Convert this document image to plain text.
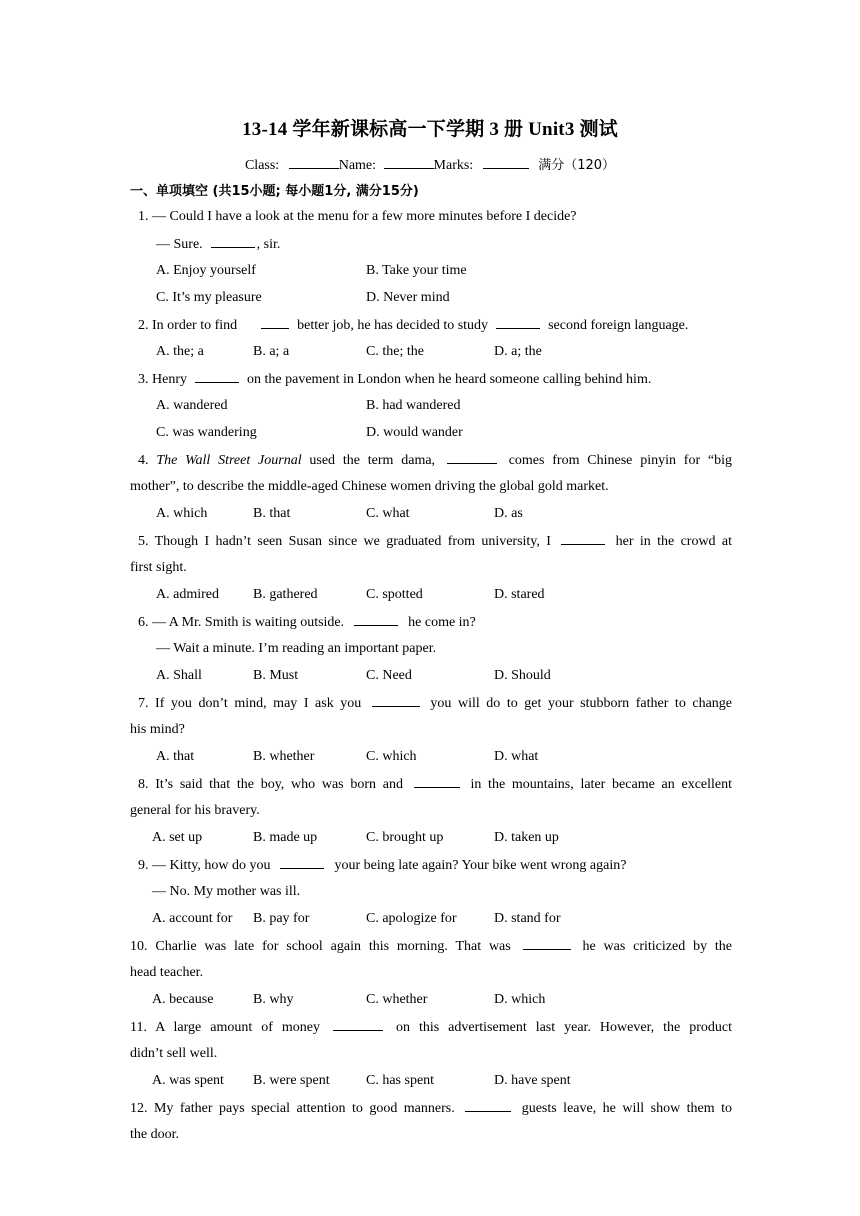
13-14 学年新课标高一下学期 3 册 Unit3 测试
Class:	Name:	Marks:	满分（120）
一、单项填空 (共15小题; 每小题1分, 满分15分)
1. — Could I have a look at the menu for a few more minutes before I decide?
— Sure.	, sir.
A. Enjoy yourself	B. Take your time
C. It’s my pleasure	D. Never mind
2. In order to find	better job, he has decided to study	second foreign language.
A. the; a	B. a; a	C. the; the	D. a; the
3. Henry	on the pavement in London when he heard someone calling behind him.
A. wandered	B. had wandered
C. was wandering	D. would wander
4. The Wall Street Journal used the term dama,	comes from Chinese pinyin for “big
mother”, to describe the middle-aged Chinese women driving the global gold market.
A. which	B. that	C. what	D. as
5. Though I hadn’t seen Susan since we graduated from university, I	her in the crowd at
first sight.
A. admired B. gathered	C. spotted	D. stared
6. — A Mr. Smith is waiting outside.	he come in?
— Wait a minute. I’m reading an important paper.
A. Shall	B. Must	C. Need	D. Should
7. If you don’t mind, may I ask you	you will do to get your stubborn father to change
his mind?
A. that	B. whether	C. which	D. what
8. It’s said that the boy, who was born and	in the mountains, later became an excellent
general for his bravery.
A. set up	B. made up	C. brought up	D. taken up
9. — Kitty, how do you	your being late again? Your bike went wrong again?
— No. My mother was ill.
A. account for B. pay for	C. apologize for	D. stand for
10. Charlie was late for school again this morning. That was	he was criticized by the
head teacher.
A. because	B. why	C. whether	D. which
11. A large amount of money	on this advertisement last year. However, the product
didn’t sell well.
A. was spent B. were spent	C. has spent	D. have spent
12. My father pays special attention to good manners.	guests leave, he will show them to
the door.
